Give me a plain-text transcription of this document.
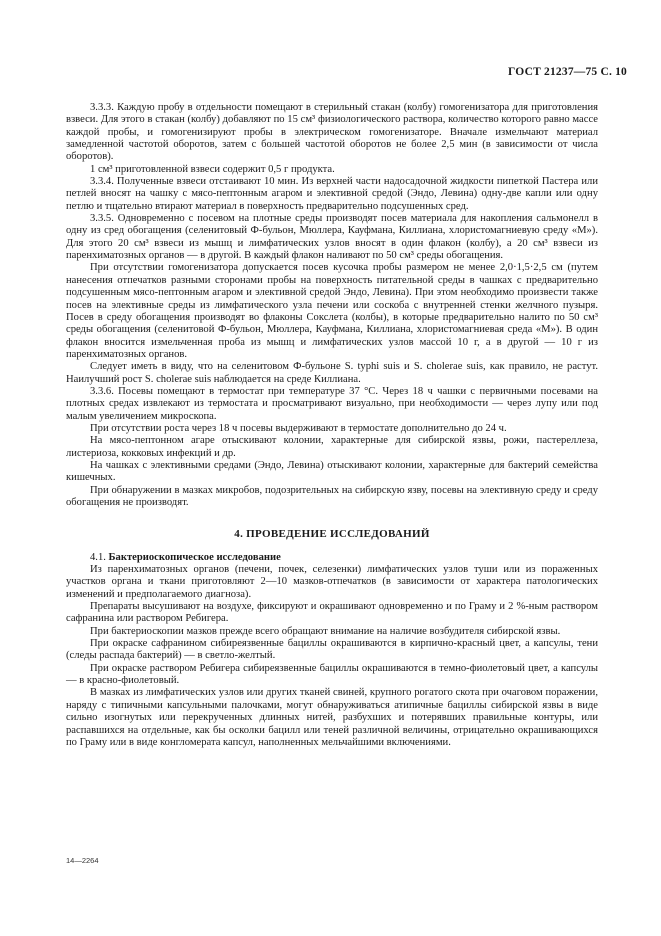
ГОСТ 21237—75 С. 10

3.3.3. Каждую пробу в отдельности помещают в стерильный стакан (колбу) гомогенизатора для приготовления взвеси. Для этого в стакан (колбу) добавляют по 15 см³ физиологического раствора, количество которого равно массе каждой пробы, и гомогенизируют пробы в электрическом гомогенизаторе. Вначале измельчают материал замедленной частотой оборотов, затем с большей частотой оборотов не более 2,5 мин (в зависимости от числа оборотов).

1 см³ приготовленной взвеси содержит 0,5 г продукта.

3.3.4. Полученные взвеси отстаивают 10 мин. Из верхней части надосадочной жидкости пипеткой Пастера или петлей вносят на чашку с мясо-пептонным агаром и элективной средой (Эндо, Левина) одну-две капли или одну петлю и тщательно втирают материал в поверхность предварительно подсушенных сред.

3.3.5. Одновременно с посевом на плотные среды производят посев материала для накопления сальмонелл в одну из сред обогащения (селенитовый Ф-бульон, Мюллера, Кауфмана, Киллиана, хлористомагниевую среду «М»). Для этого 20 см³ взвеси из мышц и лимфатических узлов вносят в один флакон (колбу), а 20 см³ взвеси из паренхиматозных органов — в другой. В каждый флакон наливают по 50 см³ среды обогащения.

При отсутствии гомогенизатора допускается посев кусочка пробы размером не менее 2,0·1,5·2,5 см (путем нанесения отпечатков разными сторонами пробы на поверхность питательной среды в чашках с предварительно подсушенным мясо-пептонным агаром и элективной средой Эндо, Левина). При этом необходимо произвести также посев на элективные среды из лимфатического узла печени или соскоба с внутренней стенки желчного пузыря. Посев в среду обогащения производят во флаконы Сокслета (колбы), в которые предварительно налито по 50 см³ среды обогащения (селенитовой Ф-бульон, Мюллера, Кауфмана, Киллиана, хлористомагниевая среда «М»). В один флакон вносится измельченная проба из мышц и лимфатических узлов массой 10 г, а в другой — 10 г из паренхиматозных органов.

Следует иметь в виду, что на селенитовом Ф-бульоне S. typhi suis и S. cholerae suis, как правило, не растут. Наилучший рост S. cholerae suis наблюдается на среде Киллиана.

3.3.6. Посевы помещают в термостат при температуре 37 °С. Через 18 ч чашки с первичными посевами на плотных средах извлекают из термостата и просматривают визуально, при необходимости — через лупу или под малым увеличением микроскопа.

При отсутствии роста через 18 ч посевы выдерживают в термостате дополнительно до 24 ч.

На мясо-пептонном агаре отыскивают колонии, характерные для сибирской язвы, рожи, пастереллеза, листериоза, кокковых инфекций и др.

На чашках с элективными средами (Эндо, Левина) отыскивают колонии, характерные для бактерий семейства кишечных.

При обнаружении в мазках микробов, подозрительных на сибирскую язву, посевы на элективную среду и среду обогащения не производят.

4. ПРОВЕДЕНИЕ ИССЛЕДОВАНИЙ

4.1. Бактериоскопическое исследование

Из паренхиматозных органов (печени, почек, селезенки) лимфатических узлов туши или из пораженных участков органа и ткани приготовляют 2—10 мазков-отпечатков (в зависимости от характера патологических изменений и предполагаемого диагноза).

Препараты высушивают на воздухе, фиксируют и окрашивают одновременно и по Граму и 2 %-ным раствором сафранина или раствором Ребигера.

При бактериоскопии мазков прежде всего обращают внимание на наличие возбудителя сибирской язвы.

При окраске сафранином сибиреязвенные бациллы окрашиваются в кирпично-красный цвет, а капсулы, тени (следы распада бактерий) — в светло-желтый.

При окраске раствором Ребигера сибиреязвенные бациллы окрашиваются в темно-фиолетовый цвет, а капсулы — в красно-фиолетовый.

В мазках из лимфатических узлов или других тканей свиней, крупного рогатого скота при очаговом поражении, наряду с типичными капсульными палочками, могут обнаруживаться атипичные бациллы сибирской язвы в виде сильно изогнутых или перекрученных длинных нитей, разбухших и потерявших правильные контуры, или распавшихся на отдельные, как бы осколки бацилл или теней различной величины, отрицательно окрашивающихся по Граму или в виде конгломерата капсул, наполненных мельчайшими включениями.

14—2264
